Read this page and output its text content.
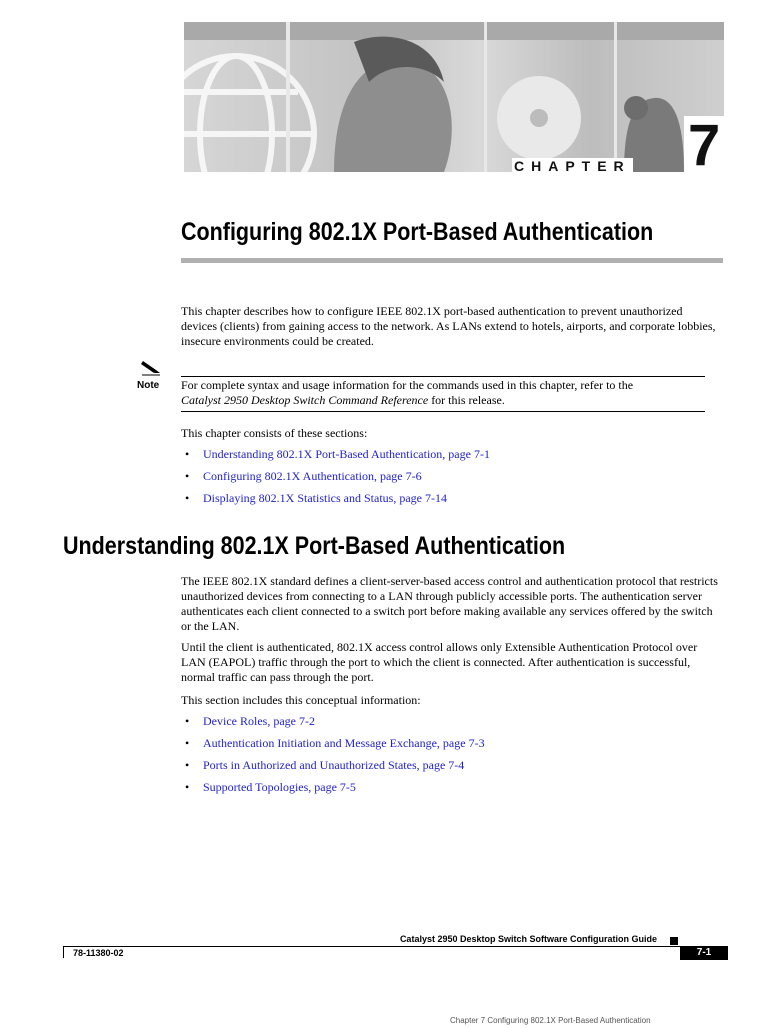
CHAPTER 7
Configuring 802.1X Port-Based Authentication

This chapter describes how to configure IEEE 802.1X port-based authentication to prevent unauthorized devices (clients) from gaining access to the network. As LANs extend to hotels, airports, and corporate lobbies, insecure environments could be created.

Note For complete syntax and usage information for the commands used in this chapter, refer to the
Catalyst 2950 Desktop Switch Command Reference for this release.

This chapter consists of these sections:

• Understanding 802.1X Port-Based Authentication, page 7-1
• Configuring 802.1X Authentication, page 7-6
• Displaying 802.1X Statistics and Status, page 7-14
Understanding 802.1X Port-Based Authentication

The IEEE 802.1X standard defines a client-server-based access control and authentication protocol that restricts unauthorized devices from connecting to a LAN through publicly accessible ports. The authentication server authenticates each client connected to a switch port before making available any services offered by the switch or the LAN.

Until the client is authenticated, 802.1X access control allows only Extensible Authentication Protocol over LAN (EAPOL) traffic through the port to which the client is connected. After authentication is successful, normal traffic can pass through the port.

This section includes this conceptual information:

• Device Roles, page 7-2
• Authentication Initiation and Message Exchange, page 7-3
• Ports in Authorized and Unauthorized States, page 7-4
• Supported Topologies, page 7-5
Catalyst 2950 Desktop Switch Software Configuration Guide
78-11380-02	7-1
Chapter 7 Configuring 802.1X Port-Based Authentication
